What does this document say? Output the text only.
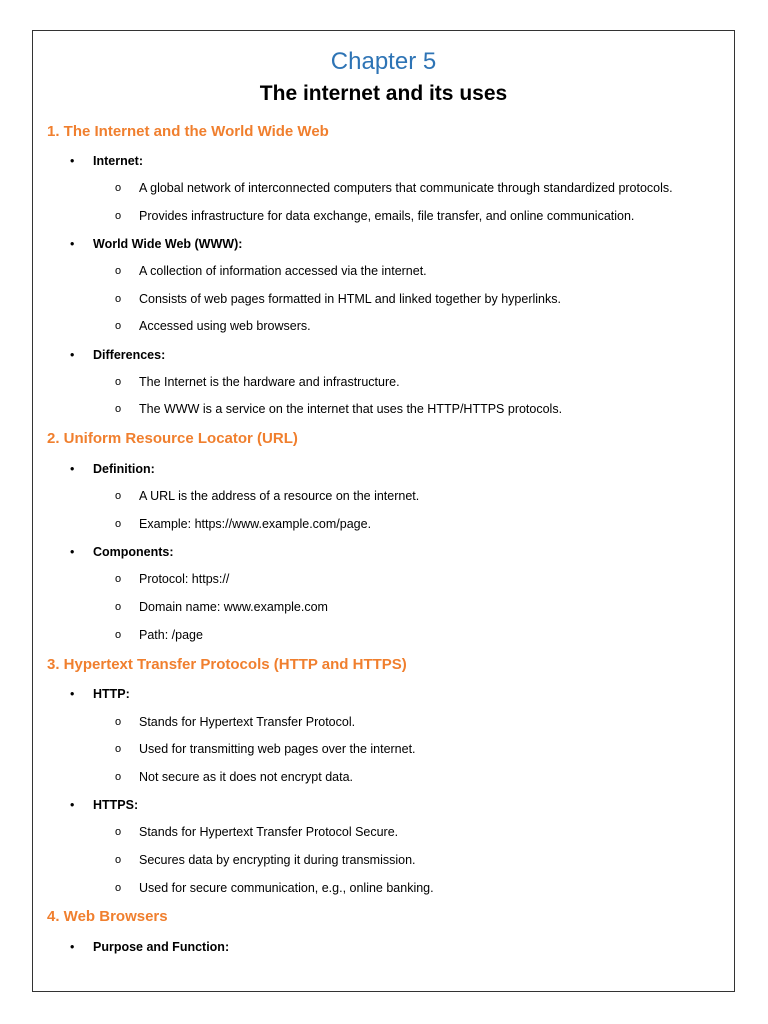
Chapter 5
The internet and its uses
1. The Internet and the World Wide Web
• Internet:
o A global network of interconnected computers that communicate through standardized protocols.
o Provides infrastructure for data exchange, emails, file transfer, and online communication.
• World Wide Web (WWW):
o A collection of information accessed via the internet.
o Consists of web pages formatted in HTML and linked together by hyperlinks.
o Accessed using web browsers.
• Differences:
o The Internet is the hardware and infrastructure.
o The WWW is a service on the internet that uses the HTTP/HTTPS protocols.
2. Uniform Resource Locator (URL)
• Definition:
o A URL is the address of a resource on the internet.
o Example: https://www.example.com/page.
• Components:
o Protocol: https://
o Domain name: www.example.com
o Path: /page
3. Hypertext Transfer Protocols (HTTP and HTTPS)
• HTTP:
o Stands for Hypertext Transfer Protocol.
o Used for transmitting web pages over the internet.
o Not secure as it does not encrypt data.
• HTTPS:
o Stands for Hypertext Transfer Protocol Secure.
o Secures data by encrypting it during transmission.
o Used for secure communication, e.g., online banking.
4. Web Browsers
• Purpose and Function:
